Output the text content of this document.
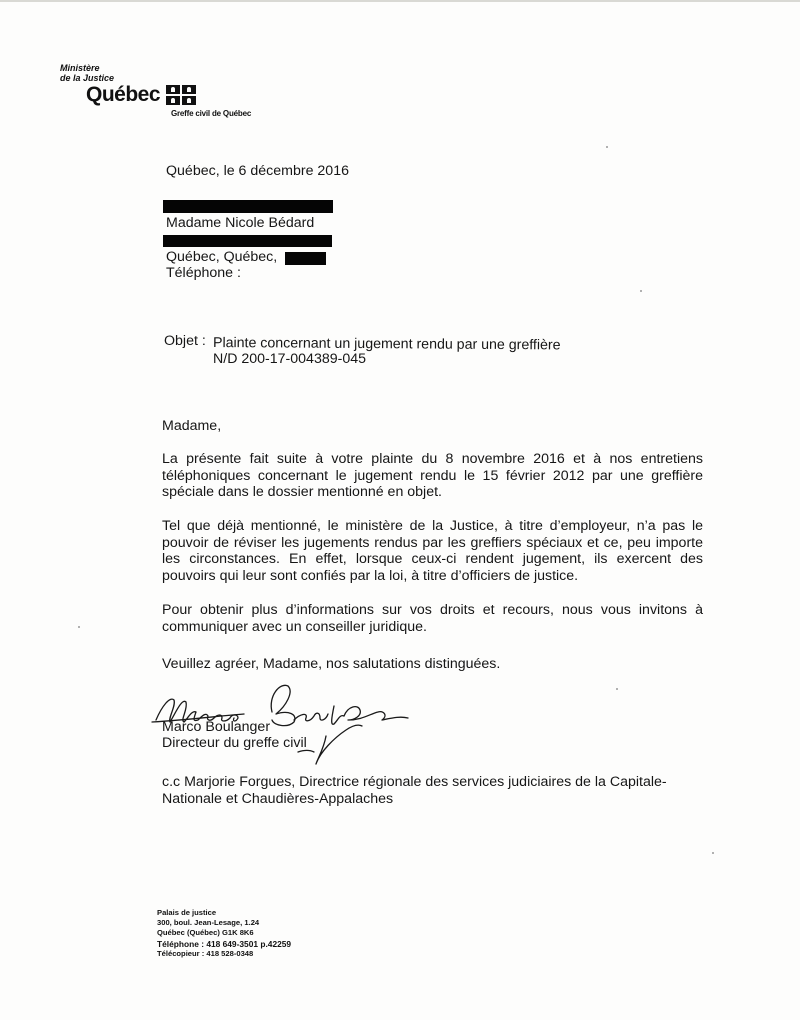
Ministère
de la Justice
Québec
Greffe civil de Québec
Québec, le 6 décembre 2016
Madame Nicole Bédard
Québec, Québec,
Téléphone :
Objet : Plainte concernant un jugement rendu par une greffière
N/D 200-17-004389-045
Madame,
La présente fait suite à votre plainte du 8 novembre 2016 et à nos entretiens téléphoniques concernant le jugement rendu le 15 février 2012 par une greffière spéciale dans le dossier mentionné en objet.
Tel que déjà mentionné, le ministère de la Justice, à titre d’employeur, n’a pas le pouvoir de réviser les jugements rendus par les greffiers spéciaux et ce, peu importe les circonstances. En effet, lorsque ceux-ci rendent jugement, ils exercent des pouvoirs qui leur sont confiés par la loi, à titre d’officiers de justice.
Pour obtenir plus d’informations sur vos droits et recours, nous vous invitons à communiquer avec un conseiller juridique.
Veuillez agréer, Madame, nos salutations distinguées.
Marco Boulanger
Directeur du greffe civil
c.c Marjorie Forgues, Directrice régionale des services judiciaires de la Capitale-
Nationale et Chaudières-Appalaches
Palais de justice
300, boul. Jean-Lesage, 1.24
Québec (Québec) G1K 8K6
Téléphone : 418 649-3501 p.42259
Télécopieur : 418 528-0348
